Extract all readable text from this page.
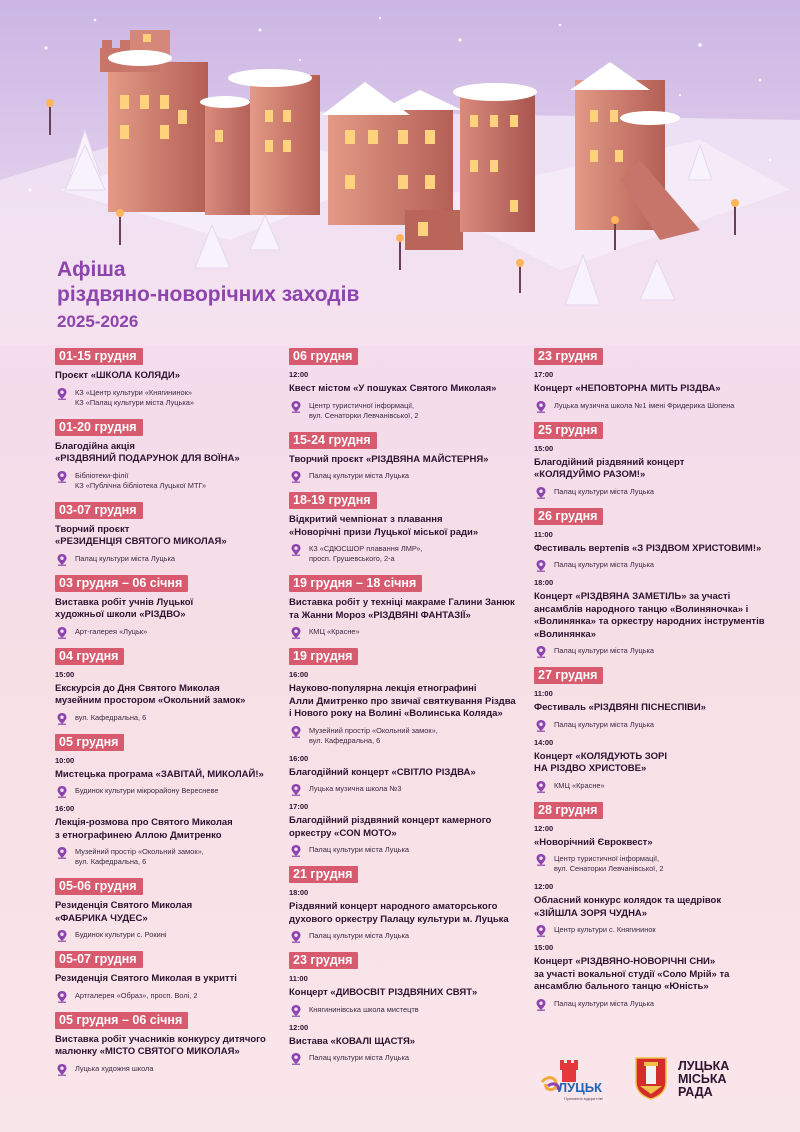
Афіша
різдвяно-новорічних заходів
2025-2026
01-15 грудня
Проєкт «ШКОЛА КОЛЯДИ»
КЗ «Центр культури «Княгининок»
КЗ «Палац культури міста Луцька»
01-20 грудня
Благодійна акція
«РІЗДВЯНИЙ ПОДАРУНОК ДЛЯ ВОЇНА»
Бібліотеки-філії
КЗ «Публічна бібліотека Луцької МТГ»
03-07 грудня
Творчий проєкт
«РЕЗИДЕНЦІЯ СВЯТОГО МИКОЛАЯ»
Палац культури міста Луцька
03 грудня – 06 січня
Виставка робіт учнів Луцької
художньої школи «РІЗДВО»
Арт-галерея «Луцьк»
04 грудня
15:00
Екскурсія до Дня Святого Миколая
музейним простором «Окольний замок»
вул. Кафедральна, 6
05 грудня
10:00
Мистецька програма «ЗАВІТАЙ, МИКОЛАЙ!»
Будинок культури мікрорайону Вересневе
16:00
Лекція-розмова про Святого Миколая
з етнографинею Аллою Дмитренко
Музейний простір «Окольний замок»,
вул. Кафедральна, 6
05-06 грудня
Резиденція Святого Миколая
«ФАБРИКА ЧУДЕС»
Будинок культури с. Рокині
05-07 грудня
Резиденція Святого Миколая в укритті
Артгалерея «Образ», просп. Волі, 2
05 грудня – 06 січня
Виставка робіт учасників конкурсу дитячого
малюнку «МІСТО СВЯТОГО МИКОЛАЯ»
Луцька художня школа
06 грудня
12:00
Квест містом «У пошуках Святого Миколая»
Центр туристичної інформації,
вул. Сенаторки Левчанівської, 2
15-24 грудня
Творчий проєкт «РІЗДВЯНА МАЙСТЕРНЯ»
Палац культури міста Луцька
18-19 грудня
Відкритий чемпіонат з плавання
«Новорічні призи Луцької міської ради»
КЗ «СДЮСШОР плавання ЛМР»,
просп. Грушевського, 2-а
19 грудня – 18 січня
Виставка робіт у техніці макраме Галини Занюк
та Жанни Мороз «РІЗДВЯНІ ФАНТАЗІЇ»
КМЦ «Красне»
19 грудня
16:00
Науково-популярна лекція етнографині
Алли Дмитренко про звичаї святкування Різдва
і Нового року на Волині «Волинська Коляда»
Музейний простір «Окольний замок»,
вул. Кафедральна, 6
16:00
Благодійний концерт «СВІТЛО РІЗДВА»
Луцька музична школа №3
17:00
Благодійний різдвяний концерт камерного
оркестру «CON MOTO»
Палац культури міста Луцька
21 грудня
18:00
Різдвяний концерт народного аматорського
духового оркестру Палацу культури м. Луцька
Палац культури міста Луцька
23 грудня
11:00
Концерт «ДИВОСВІТ РІЗДВЯНИХ СВЯТ»
Княгининівська школа мистецтв
12:00
Вистава «КОВАЛІ ЩАСТЯ»
Палац культури міста Луцька
23 грудня
17:00
Концерт «НЕПОВТОРНА МИТЬ РІЗДВА»
Луцька музична школа №1 імені Фридерика Шопена
25 грудня
15:00
Благодійний різдвяний концерт
«КОЛЯДУЙМО РАЗОМ!»
Палац культури міста Луцька
26 грудня
11:00
Фестиваль вертепів «З РІЗДВОМ ХРИСТОВИМ!»
Палац культури міста Луцька
18:00
Концерт «РІЗДВЯНА ЗАМЕТІЛЬ» за участі
ансамблів народного танцю «Волиняночка» і
«Волинянка» та оркестру народних інструментів
«Волинянка»
Палац культури міста Луцька
27 грудня
11:00
Фестиваль «РІЗДВЯНІ ПІСНЕСПІВИ»
Палац культури міста Луцька
14:00
Концерт «КОЛЯДУЮТЬ ЗОРІ
НА РІЗДВО ХРИСТОВЕ»
КМЦ «Красне»
28 грудня
12:00
«Новорічний Євроквест»
Центр туристичної інформації,
вул. Сенаторки Левчанівської, 2
12:00
Обласний конкурс колядок та щедрівок
«ЗІЙШЛА ЗОРЯ ЧУДНА»
Центр культури с. Княгининок
15:00
Концерт «РІЗДВЯНО-НОВОРІЧНІ СНИ»
за участі вокальної студії «Соло Мрій» та
ансамблю бального танцю «Юність»
Палац культури міста Луцька
ЛУЦЬК
Приємних відкриттів!
ЛУЦЬКА
МІСЬКА
РАДА
